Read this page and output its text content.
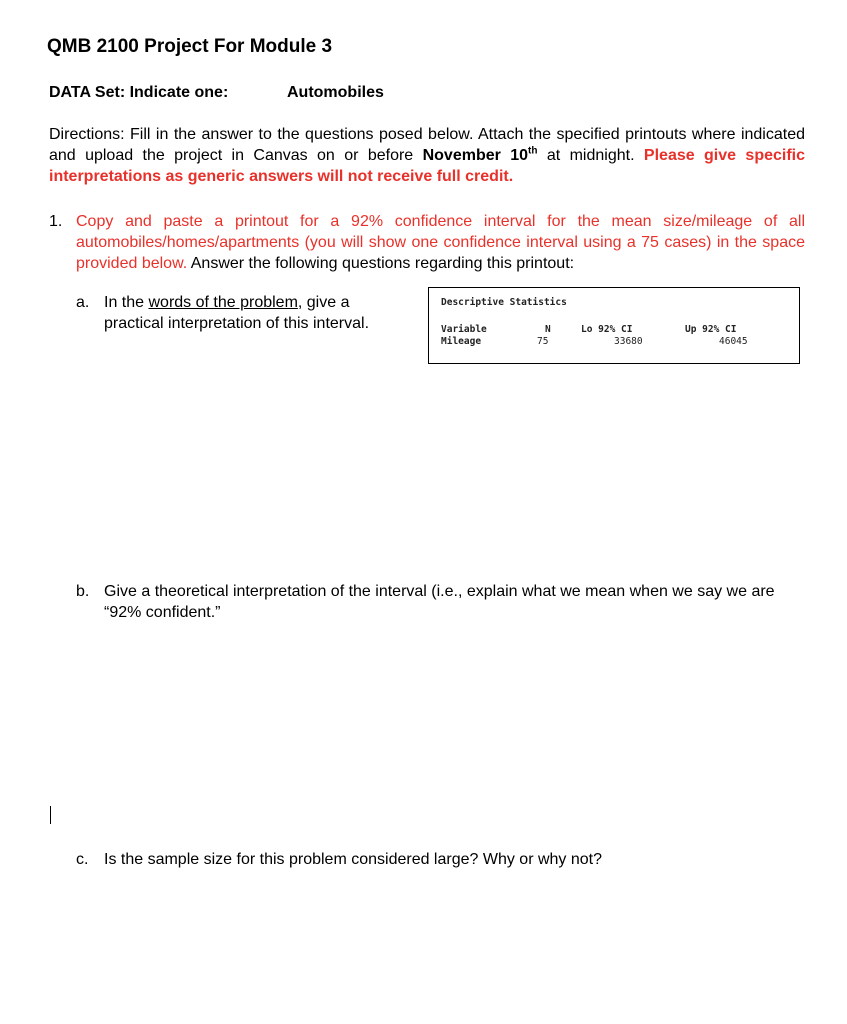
QMB 2100 Project For Module 3
DATA Set: Indicate one:	Automobiles
Directions: Fill in the answer to the questions posed below. Attach the specified printouts where indicated and upload the project in Canvas on or before November 10th at midnight. Please give specific interpretations as generic answers will not receive full credit.
1. Copy and paste a printout for a 92% confidence interval for the mean size/mileage of all automobiles/homes/apartments (you will show one confidence interval using a 75 cases) in the space provided below. Answer the following questions regarding this printout:
a. In the words of the problem, give a practical interpretation of this interval.
Descriptive Statistics
Variable	N	Lo 92% CI	Up 92% CI
Mileage	75	33680	46045
b. Give a theoretical interpretation of the interval (i.e., explain what we mean when we say we are “92% confident.”
c. Is the sample size for this problem considered large? Why or why not?
